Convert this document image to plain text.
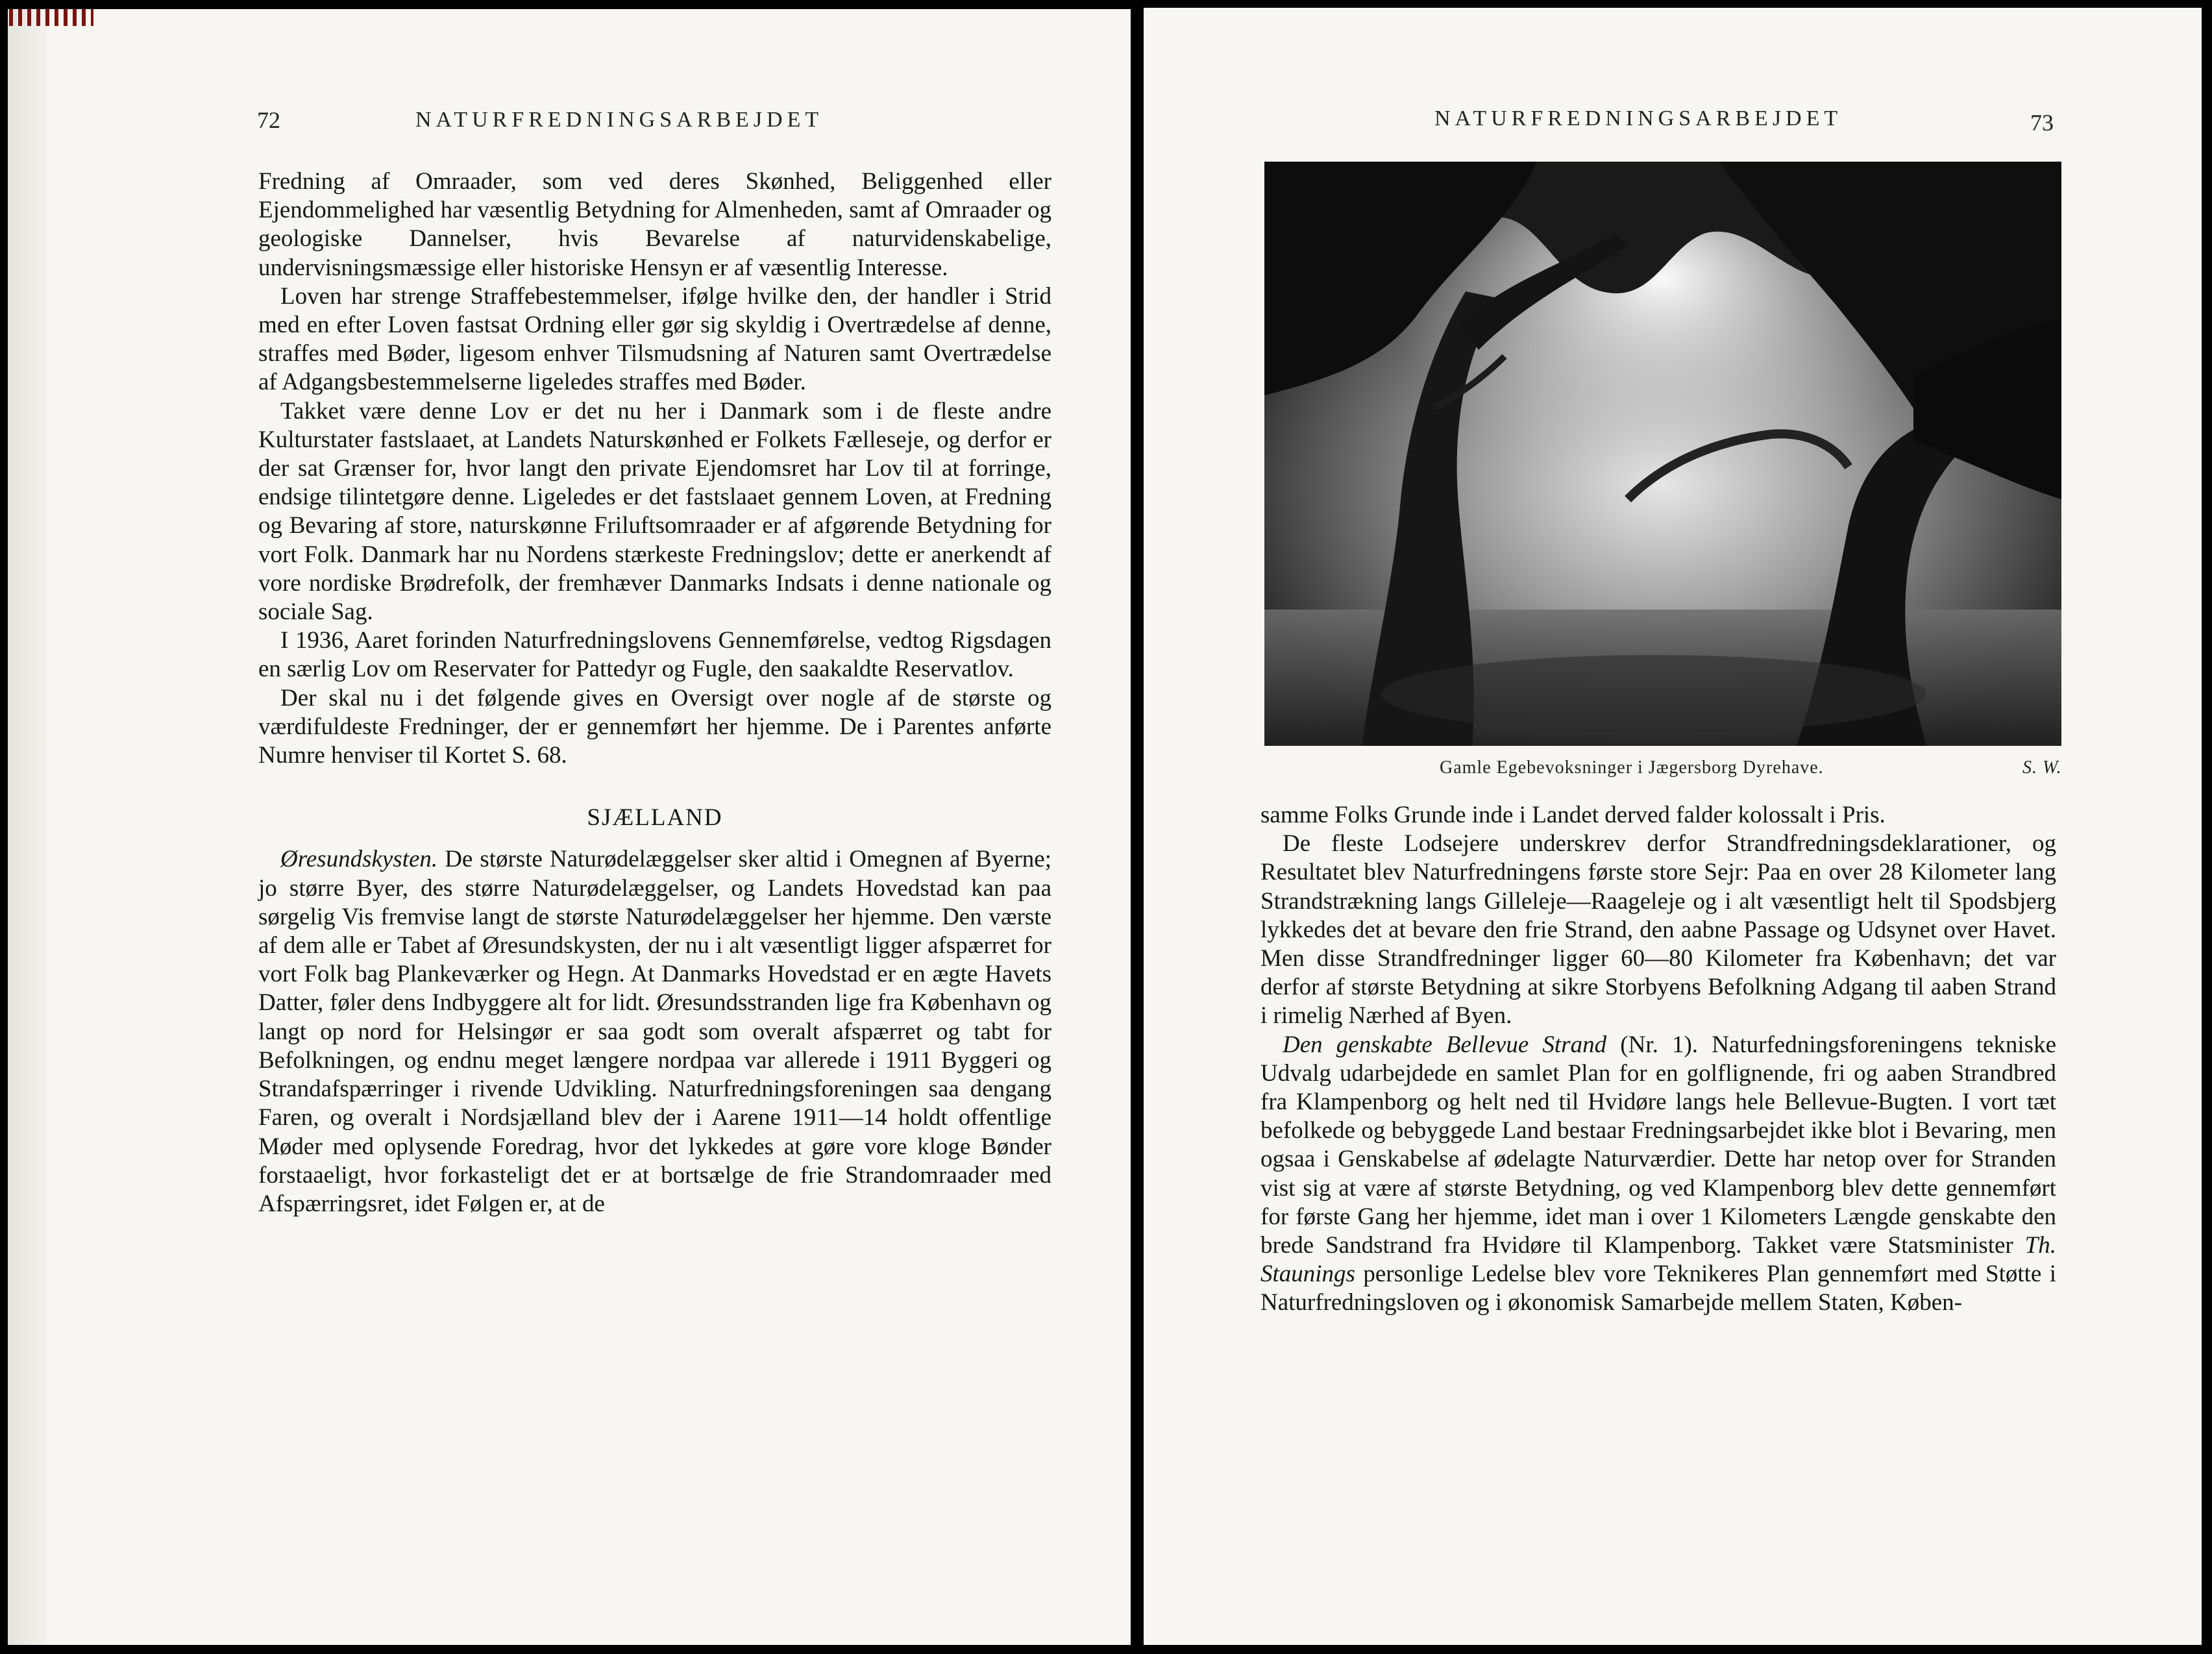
72	NATURFREDNINGSARBEJDET

Fredning af Omraader, som ved deres Skønhed, Beliggenhed eller Ejendommelighed har væsentlig Betydning for Almenheden, samt af Omraader og geologiske Dannelser, hvis Bevarelse af naturvidenskabelige, undervisningsmæssige eller historiske Hensyn er af væsentlig Interesse.

Loven har strenge Straffebestemmelser, ifølge hvilke den, der handler i Strid med en efter Loven fastsat Ordning eller gør sig skyldig i Overtrædelse af denne, straffes med Bøder, ligesom enhver Tilsmudsning af Naturen samt Overtrædelse af Adgangsbestemmelserne ligeledes straffes med Bøder.

Takket være denne Lov er det nu her i Danmark som i de fleste andre Kulturstater fastslaaet, at Landets Naturskønhed er Folkets Fælleseje, og derfor er der sat Grænser for, hvor langt den private Ejendomsret har Lov til at forringe, endsige tilintetgøre denne. Ligeledes er det fastslaaet gennem Loven, at Fredning og Bevaring af store, naturskønne Friluftsomraader er af afgørende Betydning for vort Folk. Danmark har nu Nordens stærkeste Fredningslov; dette er anerkendt af vore nordiske Brødrefolk, der fremhæver Danmarks Indsats i denne nationale og sociale Sag.

I 1936, Aaret forinden Naturfredningslovens Gennemførelse, vedtog Rigsdagen en særlig Lov om Reservater for Pattedyr og Fugle, den saakaldte Reservatlov.

Der skal nu i det følgende gives en Oversigt over nogle af de største og værdifuldeste Fredninger, der er gennemført her hjemme. De i Parentes anførte Numre henviser til Kortet S. 68.

SJÆLLAND

Øresundskysten. De største Naturødelæggelser sker altid i Omegnen af Byerne; jo større Byer, des større Naturødelæggelser, og Landets Hovedstad kan paa sørgelig Vis fremvise langt de største Naturødelæggelser her hjemme. Den værste af dem alle er Tabet af Øresundskysten, der nu i alt væsentligt ligger afspærret for vort Folk bag Plankeværker og Hegn. At Danmarks Hovedstad er en ægte Havets Datter, føler dens Indbyggere alt for lidt. Øresundsstranden lige fra København og langt op nord for Helsingør er saa godt som overalt afspærret og tabt for Befolkningen, og endnu meget længere nordpaa var allerede i 1911 Byggeri og Strandafspærringer i rivende Udvikling. Naturfredningsforeningen saa dengang Faren, og overalt i Nordsjælland blev der i Aarene 1911—14 holdt offentlige Møder med oplysende Foredrag, hvor det lykkedes at gøre vore kloge Bønder forstaaeligt, hvor forkasteligt det er at bortsælge de frie Strandomraader med Afspærringsret, idet Følgen er, at de

NATURFREDNINGSARBEJDET	73
Gamle Egebevoksninger i Jægersborg Dyrehave.	S. W.

samme Folks Grunde inde i Landet derved falder kolossalt i Pris.

De fleste Lodsejere underskrev derfor Strandfredningsdeklarationer, og Resultatet blev Naturfredningens første store Sejr: Paa en over 28 Kilometer lang Strandstrækning langs Gilleleje—Raageleje og i alt væsentligt helt til Spodsbjerg lykkedes det at bevare den frie Strand, den aabne Passage og Udsynet over Havet. Men disse Strandfredninger ligger 60—80 Kilometer fra København; det var derfor af største Betydning at sikre Storbyens Befolkning Adgang til aaben Strand i rimelig Nærhed af Byen.

Den genskabte Bellevue Strand (Nr. 1). Naturfedningsforeningens tekniske Udvalg udarbejdede en samlet Plan for en golflignende, fri og aaben Strandbred fra Klampenborg og helt ned til Hvidøre langs hele Bellevue-Bugten. I vort tæt befolkede og bebyggede Land bestaar Fredningsarbejdet ikke blot i Bevaring, men ogsaa i Genskabelse af ødelagte Naturværdier. Dette har netop over for Stranden vist sig at være af største Betydning, og ved Klampenborg blev dette gennemført for første Gang her hjemme, idet man i over 1 Kilometers Længde genskabte den brede Sandstrand fra Hvidøre til Klampenborg. Takket være Statsminister Th. Staunings personlige Ledelse blev vore Teknikeres Plan gennemført med Støtte i Naturfredningsloven og i økonomisk Samarbejde mellem Staten, Køben-
